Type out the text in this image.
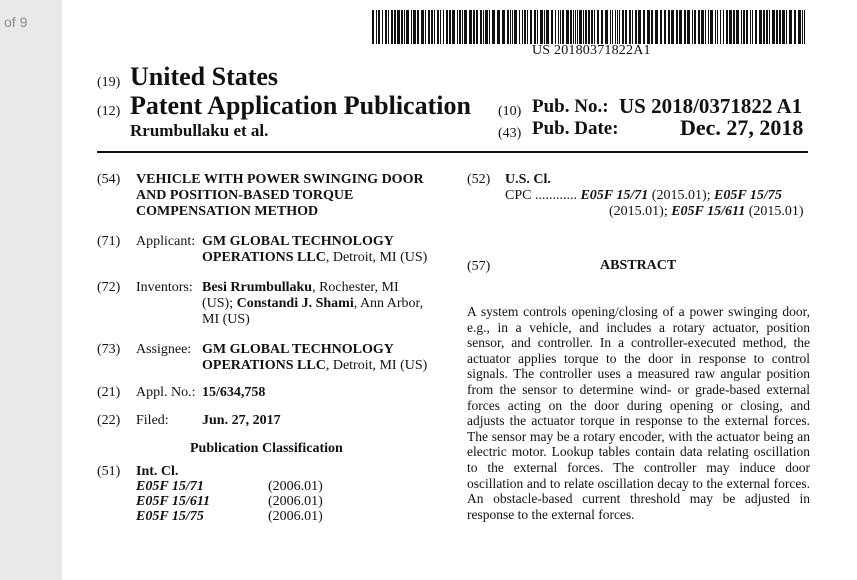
of 9
US 20180371822A1
(19) United States
(12) Patent Application Publication
Rrumbullaku et al.
(10) Pub. No.: US 2018/0371822 A1
(43) Pub. Date:	Dec. 27, 2018
(54) VEHICLE WITH POWER SWINGING DOOR
AND POSITION-BASED TORQUE
COMPENSATION METHOD
(71) Applicant: GM GLOBAL TECHNOLOGY
OPERATIONS LLC, Detroit, MI (US)
(72) Inventors: Besi Rrumbullaku, Rochester, MI
(US); Constandi J. Shami, Ann Arbor,
MI (US)
(73) Assignee: GM GLOBAL TECHNOLOGY
OPERATIONS LLC, Detroit, MI (US)
(21) Appl. No.: 15/634,758
(22) Filed: Jun. 27, 2017
Publication Classification
(51) Int. Cl.
E05F 15/71	(2006.01)
E05F 15/611	(2006.01)
E05F 15/75	(2006.01)
(52) U.S. Cl.
CPC ............ E05F 15/71 (2015.01); E05F 15/75
(2015.01); E05F 15/611 (2015.01)
(57)	ABSTRACT
A system controls opening/closing of a power swinging door, e.g., in a vehicle, and includes a rotary actuator, position sensor, and controller. In a controller-executed method, the actuator applies torque to the door in response to control signals. The controller uses a measured raw angular position from the sensor to determine wind- or grade-based external forces acting on the door during opening or closing, and adjusts the actuator torque in response to the external forces. The sensor may be a rotary encoder, with the actuator being an electric motor. Lookup tables contain data relating oscillation to the external forces. The controller may induce door oscillation and to relate oscillation decay to the external forces. An obstacle-based current threshold may be adjusted in response to the external forces.
